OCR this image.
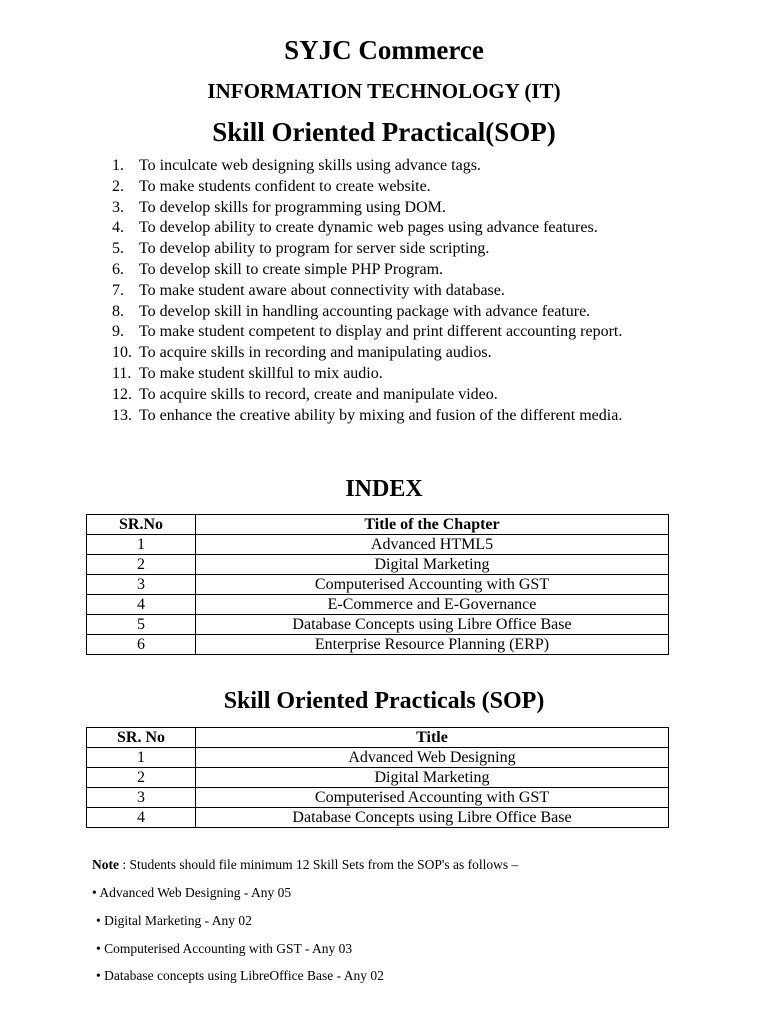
SYJC Commerce
INFORMATION TECHNOLOGY (IT)
Skill Oriented Practical(SOP)
1. To inculcate web designing skills using advance tags.
2. To make students confident to create website.
3. To develop skills for programming using DOM.
4. To develop ability to create dynamic web pages using advance features.
5. To develop ability to program for server side scripting.
6. To develop skill to create simple PHP Program.
7. To make student aware about connectivity with database.
8. To develop skill in handling accounting package with advance feature.
9. To make student competent to display and print different accounting report.
10. To acquire skills in recording and manipulating audios.
11. To make student skillful to mix audio.
12. To acquire skills to record, create and manipulate video.
13. To enhance the creative ability by mixing and fusion of the different media.
INDEX
SR.No	Title of the Chapter
1	Advanced HTML5
2	Digital Marketing
3	Computerised Accounting with GST
4	E-Commerce and E-Governance
5	Database Concepts using Libre Office Base
6	Enterprise Resource Planning (ERP)
Skill Oriented Practicals (SOP)
SR. No	Title
1	Advanced Web Designing
2	Digital Marketing
3	Computerised Accounting with GST
4	Database Concepts using Libre Office Base
Note : Students should file minimum 12 Skill Sets from the SOP's as follows –
• Advanced Web Designing - Any 05
• Digital Marketing - Any 02
• Computerised Accounting with GST - Any 03
• Database concepts using LibreOffice Base - Any 02
